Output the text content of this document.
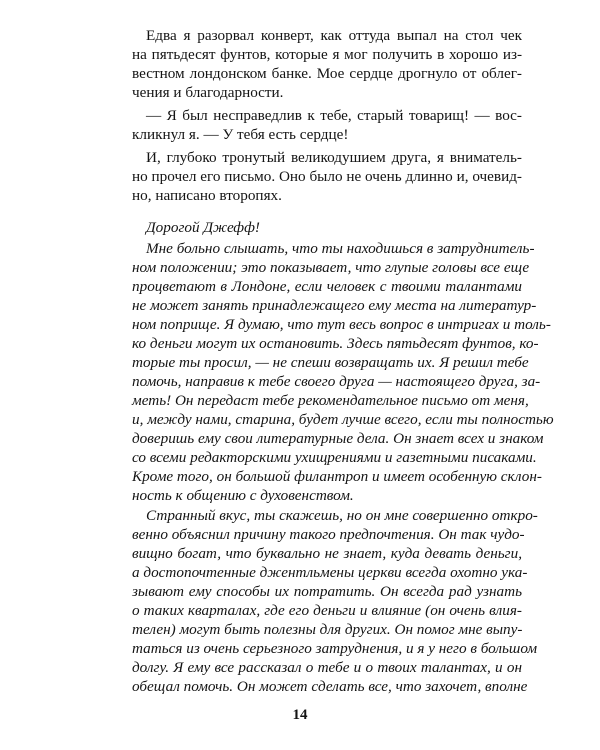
Едва я разорвал конверт, как оттуда выпал на стол чек
на пятьдесят фунтов, которые я мог получить в хорошо из-
вестном лондонском банке. Мое сердце дрогнуло от облег-
чения и благодарности.
— Я был несправедлив к тебе, старый товарищ! — вос-
кликнул я. — У тебя есть сердце!
И, глубоко тронутый великодушием друга, я вниматель-
но прочел его письмо. Оно было не очень длинно и, очевид-
но, написано второпях.
Дорогой Джефф!
Мне больно слышать, что ты находишься в затруднитель-
ном положении; это показывает, что глупые головы все еще
процветают в Лондоне, если человек с твоими талантами
не может занять принадлежащего ему места на литератур-
ном поприще. Я думаю, что тут весь вопрос в интригах и толь-
ко деньги могут их остановить. Здесь пятьдесят фунтов, ко-
торые ты просил, — не спеши возвращать их. Я решил тебе
помочь, направив к тебе своего друга — настоящего друга, за-
меть! Он передаст тебе рекомендательное письмо от меня,
и, между нами, старина, будет лучше всего, если ты полностью
доверишь ему свои литературные дела. Он знает всех и знаком
со всеми редакторскими ухищрениями и газетными писаками.
Кроме того, он большой филантроп и имеет особенную склон-
ность к общению с духовенством.
Странный вкус, ты скажешь, но он мне совершенно откро-
венно объяснил причину такого предпочтения. Он так чудо-
вищно богат, что буквально не знает, куда девать деньги,
а достопочтенные джентльмены церкви всегда охотно ука-
зывают ему способы их потратить. Он всегда рад узнать
о таких кварталах, где его деньги и влияние (он очень влия-
телен) могут быть полезны для других. Он помог мне выпу-
таться из очень серьезного затруднения, и я у него в большом
долгу. Я ему все рассказал о тебе и о твоих талантах, и он
обещал помочь. Он может сделать все, что захочет, вполне
14
